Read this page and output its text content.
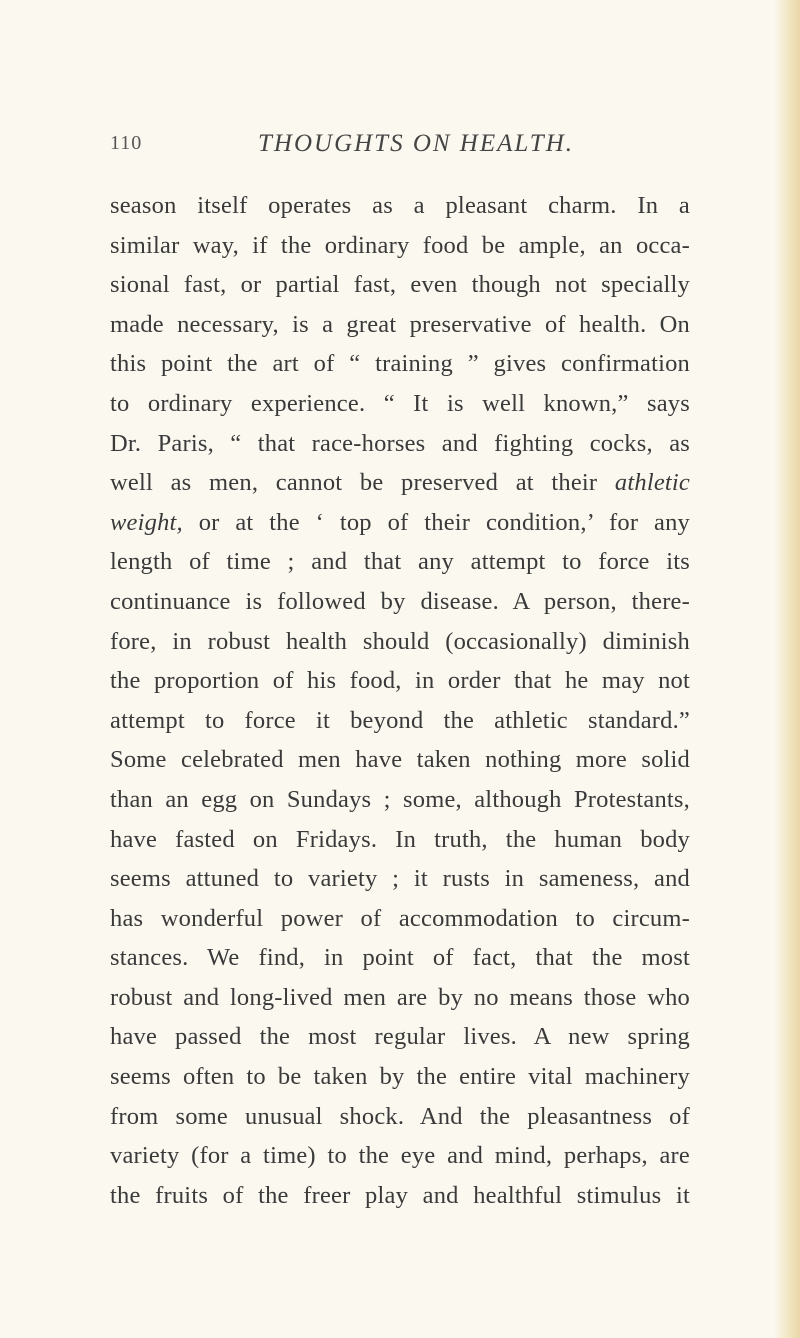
110	THOUGHTS ON HEALTH.
season itself operates as a pleasant charm. In a
similar way, if the ordinary food be ample, an occa-
sional fast, or partial fast, even though not specially
made necessary, is a great preservative of health. On
this point the art of “ training ” gives confirmation
to ordinary experience. “ It is well known,” says
Dr. Paris, “ that race-horses and fighting cocks, as
well as men, cannot be preserved at their athletic
weight, or at the ‘ top of their condition,’ for any
length of time ; and that any attempt to force its
continuance is followed by disease. A person, there-
fore, in robust health should (occasionally) diminish
the proportion of his food, in order that he may not
attempt to force it beyond the athletic standard.”
Some celebrated men have taken nothing more solid
than an egg on Sundays ; some, although Protestants,
have fasted on Fridays. In truth, the human body
seems attuned to variety ; it rusts in sameness, and
has wonderful power of accommodation to circum-
stances. We find, in point of fact, that the most
robust and long-lived men are by no means those who
have passed the most regular lives. A new spring
seems often to be taken by the entire vital machinery
from some unusual shock. And the pleasantness of
variety (for a time) to the eye and mind, perhaps, are
the fruits of the freer play and healthful stimulus it
